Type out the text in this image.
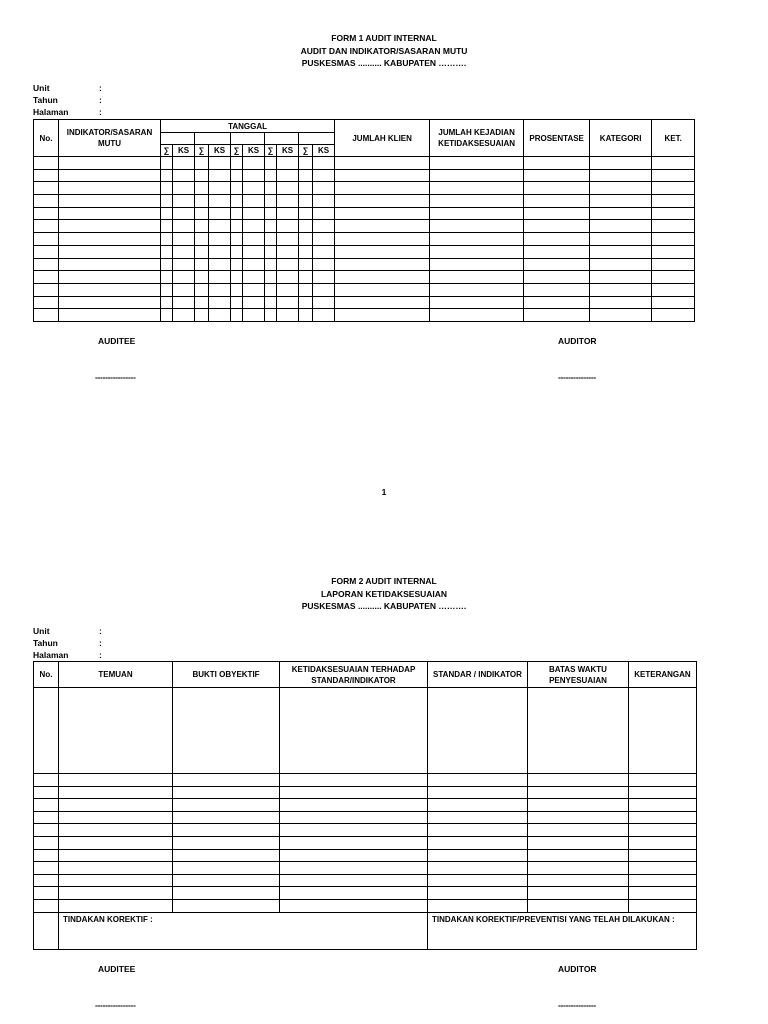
FORM 1 AUDIT INTERNAL
AUDIT DAN INDIKATOR/SASARAN MUTU
PUSKESMAS .......... KABUPATEN ……….
Unit	:
Tahun	:
Halaman	:
No.	INDIKATOR/SASARAN MUTU	TANGGAL										JUMLAH KLIEN	JUMLAH KEJADIAN KETIDAKSESUAIAN	PROSENTASE	KATEGORI	KET.

		∑	KS	∑	KS	∑	KS	∑	KS	∑	KS					

AUDITEE	AUDITOR
----------------	---------------
1
FORM 2 AUDIT INTERNAL
LAPORAN KETIDAKSESUAIAN
PUSKESMAS .......... KABUPATEN ……….
Unit	:
Tahun	:
Halaman	:
No.	TEMUAN	BUKTI OBYEKTIF	KETIDAKSESUAIAN TERHADAP STANDAR/INDIKATOR	STANDAR / INDIKATOR	BATAS WAKTU PENYESUAIAN	KETERANGAN

	TINDAKAN KOREKTIF :			TINDAKAN KOREKTIF/PREVENTISI YANG TELAH DILAKUKAN :		
AUDITEE	AUDITOR
----------------	---------------
